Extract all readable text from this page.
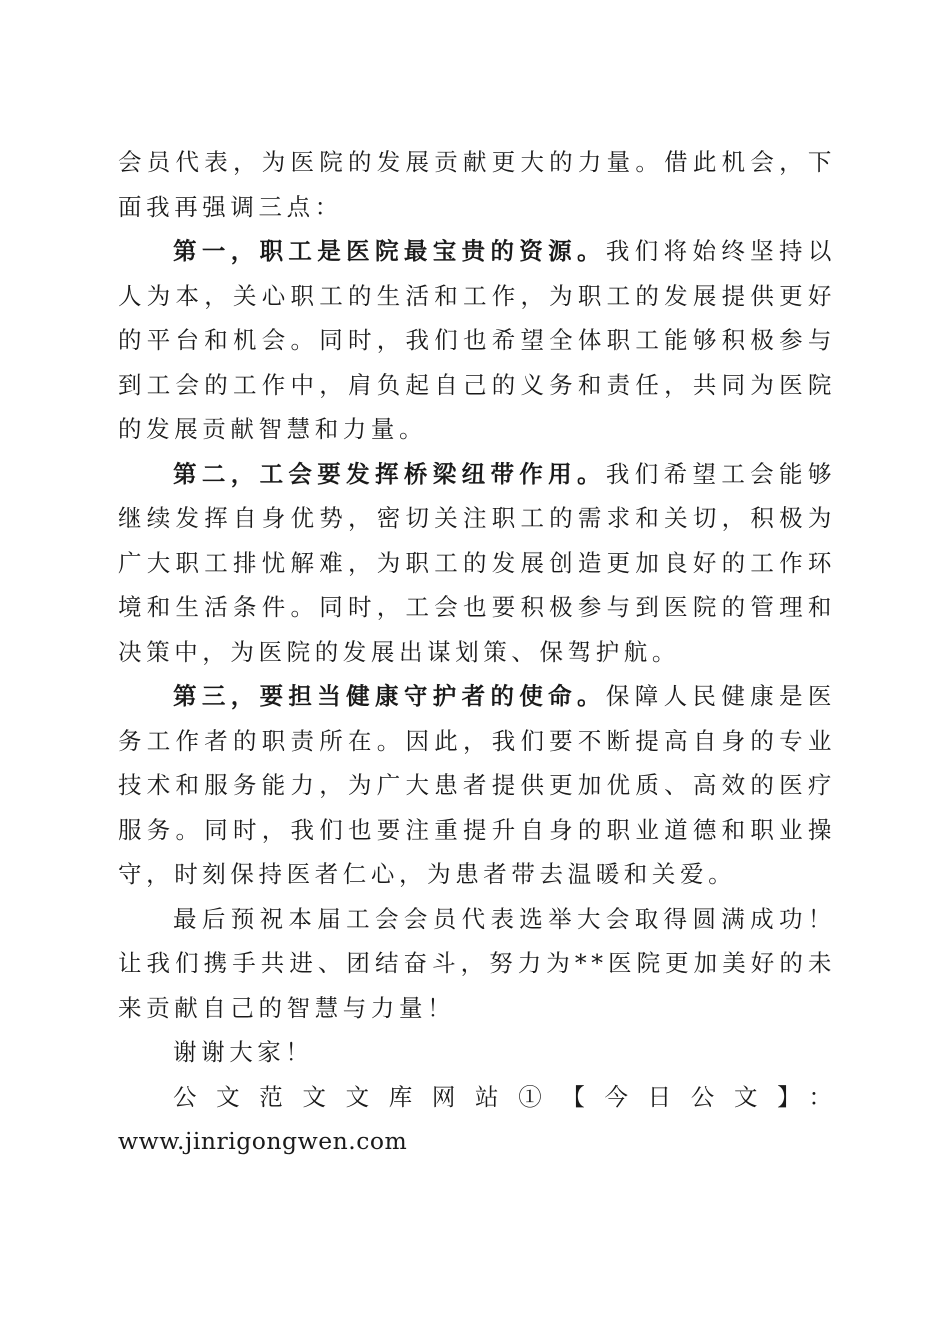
会员代表，为医院的发展贡献更大的力量。借此机会，下面我再强调三点：

第一，职工是医院最宝贵的资源。我们将始终坚持以人为本，关心职工的生活和工作，为职工的发展提供更好的平台和机会。同时，我们也希望全体职工能够积极参与到工会的工作中，肩负起自己的义务和责任，共同为医院的发展贡献智慧和力量。

第二，工会要发挥桥梁纽带作用。我们希望工会能够继续发挥自身优势，密切关注职工的需求和关切，积极为广大职工排忧解难，为职工的发展创造更加良好的工作环境和生活条件。同时，工会也要积极参与到医院的管理和决策中，为医院的发展出谋划策、保驾护航。

第三，要担当健康守护者的使命。保障人民健康是医务工作者的职责所在。因此，我们要不断提高自身的专业技术和服务能力，为广大患者提供更加优质、高效的医疗服务。同时，我们也要注重提升自身的职业道德和职业操守，时刻保持医者仁心，为患者带去温暖和关爱。

最后预祝本届工会会员代表选举大会取得圆满成功！让我们携手共进、团结奋斗，努力为**医院更加美好的未来贡献自己的智慧与力量！

谢谢大家！

公文范文文库网站①【今日公文】：

www.jinrigongwen.com
